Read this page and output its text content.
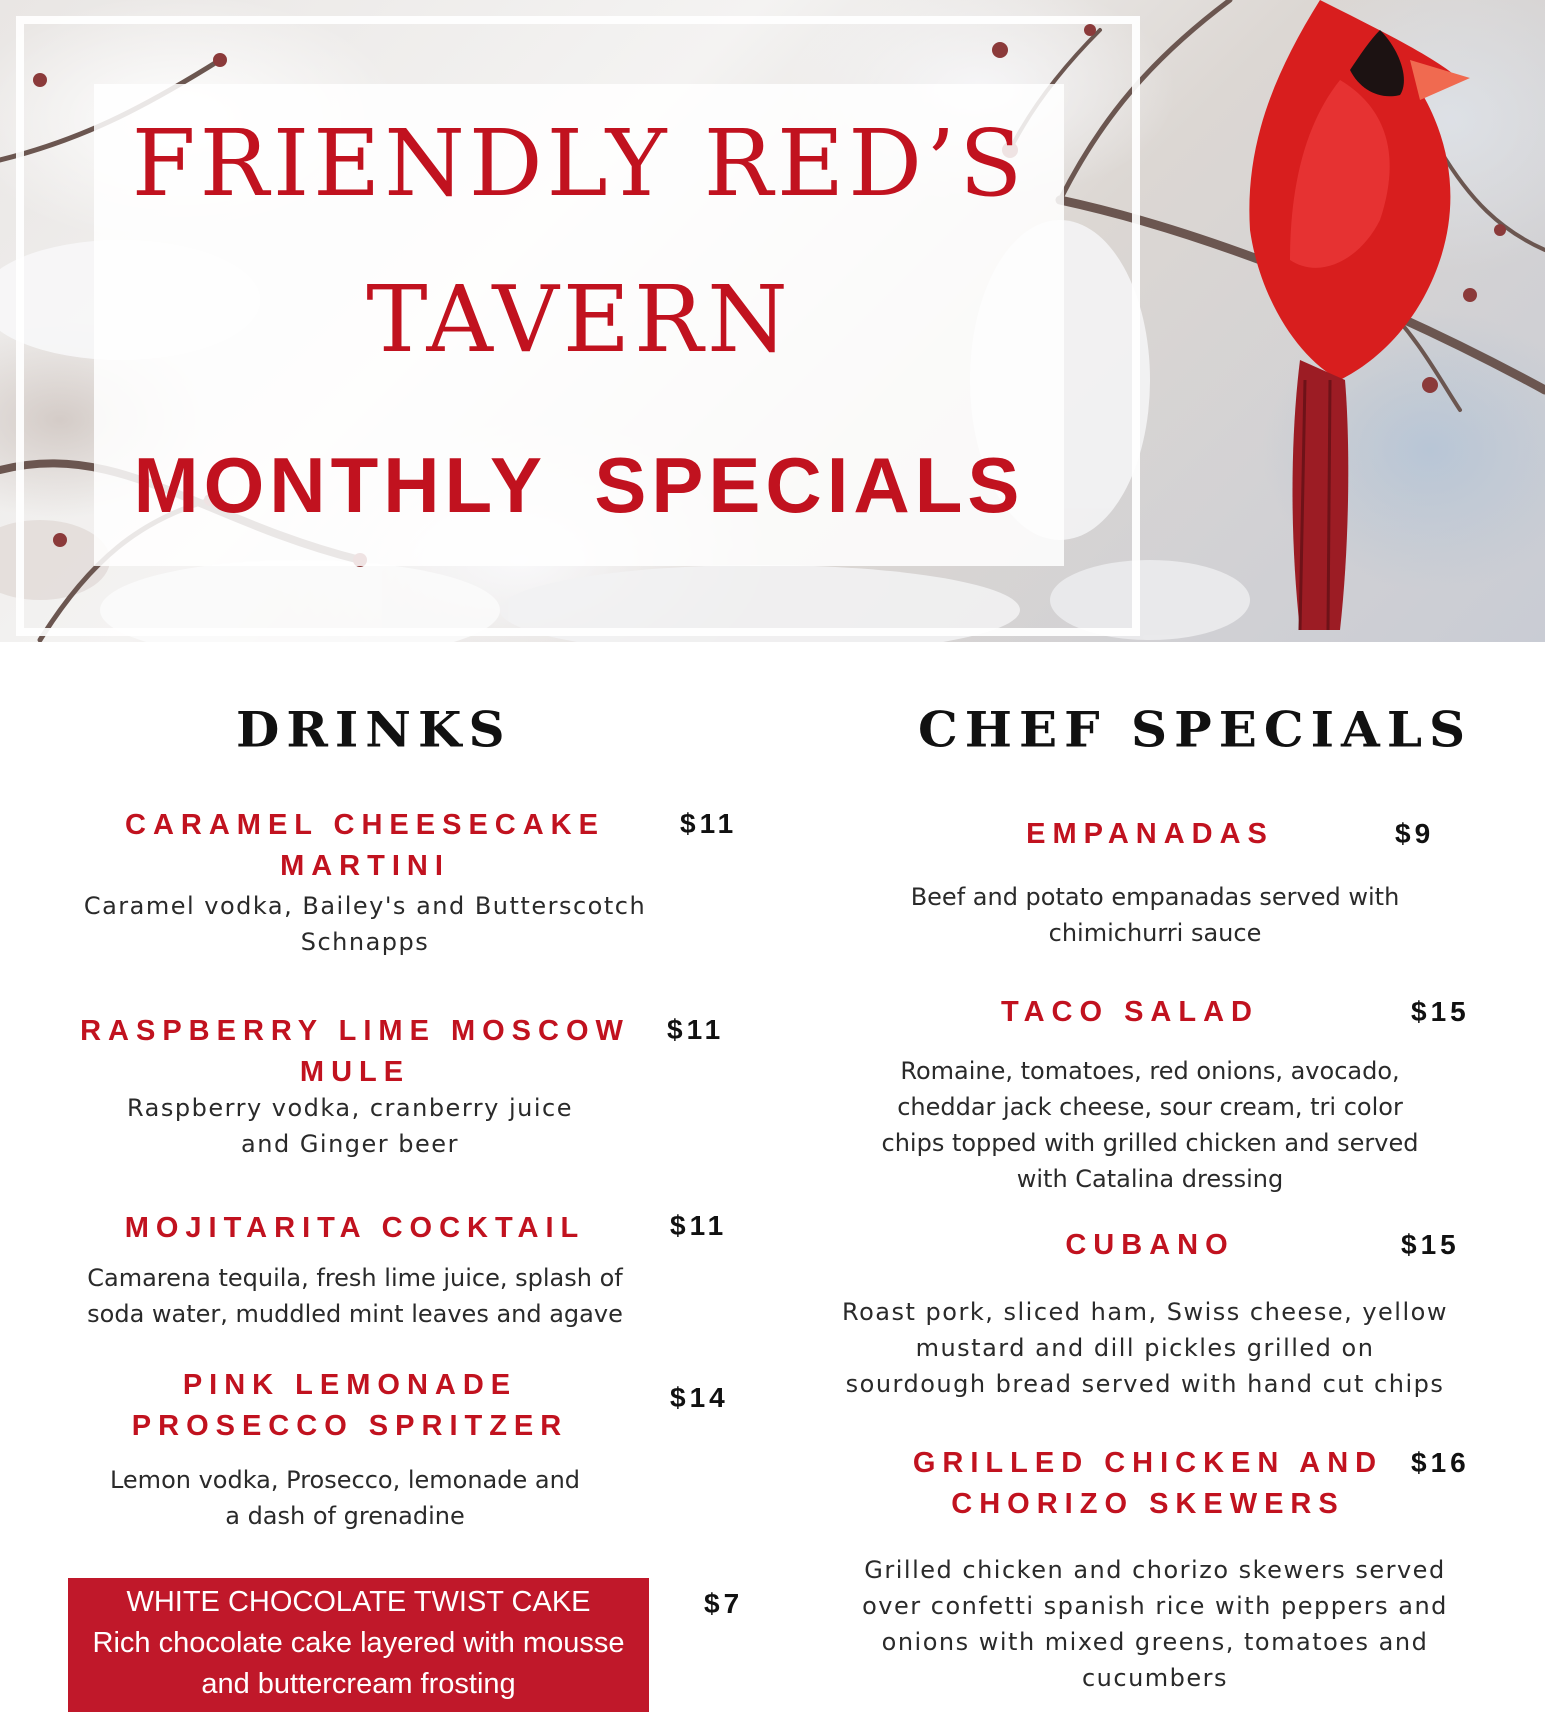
FRIENDLY RED’S
TAVERN
MONTHLY SPECIALS
DRINKS	CHEF SPECIALS
CARAMEL CHEESECAKE
MARTINI
$11
Caramel vodka, Bailey's and Butterscotch
Schnapps
RASPBERRY LIME MOSCOW
MULE
$11
Raspberry vodka, cranberry juice
and Ginger beer
MOJITARITA COCKTAIL	$11
Camarena tequila, fresh lime juice, splash of
soda water, muddled mint leaves and agave
PINK LEMONADE
PROSECCO SPRITZER
$14
Lemon vodka, Prosecco, lemonade and
a dash of grenadine
WHITE CHOCOLATE TWIST CAKE
Rich chocolate cake layered with mousse
and buttercream frosting
$7
EMPANADAS	$9
Beef and potato empanadas served with
chimichurri sauce
TACO SALAD	$15
Romaine, tomatoes, red onions, avocado,
cheddar jack cheese, sour cream, tri color
chips topped with grilled chicken and served
with Catalina dressing
CUBANO	$15
Roast pork, sliced ham, Swiss cheese, yellow
mustard and dill pickles grilled on
sourdough bread served with hand cut chips
GRILLED CHICKEN AND
CHORIZO SKEWERS
$16
Grilled chicken and chorizo skewers served
over confetti spanish rice with peppers and
onions with mixed greens, tomatoes and
cucumbers
